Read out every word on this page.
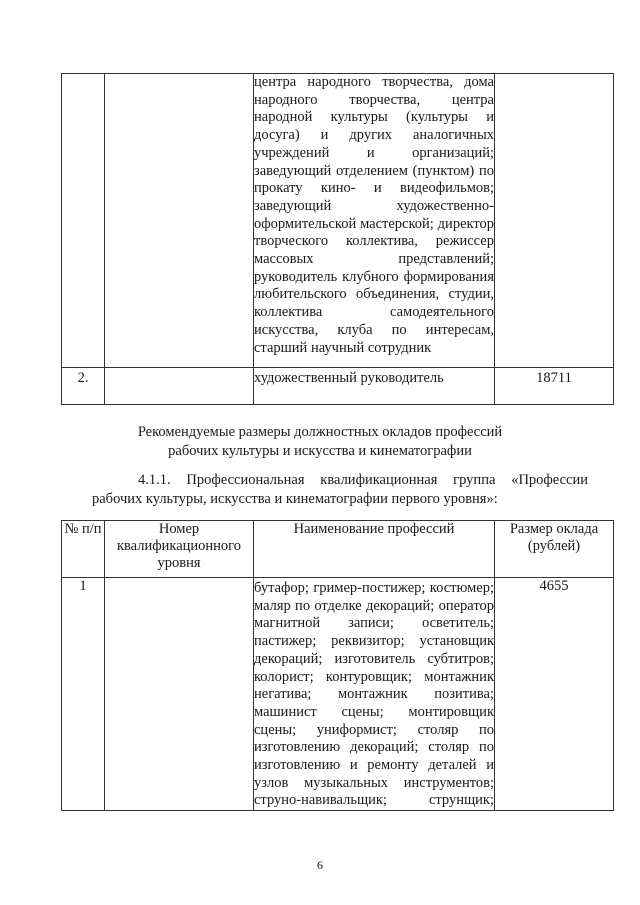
		центра народного творчества, дома народного творчества, центра народной культуры (культуры и досуга) и других аналогичных учреждений и организаций; заведующий отделением (пунктом) по прокату кино- и видеофильмов; заведующий художественно-оформительской мастерской; директор творческого коллектива, режиссер массовых представлений; руководитель клубного формирования любительского объединения, студии, коллектива самодеятельного искусства, клуба по интересам, старший научный сотрудник	
2.		художественный руководитель	18711
Рекомендуемые размеры должностных окладов профессий
рабочих культуры и искусства и кинематографии
4.1.1. Профессиональная квалификационная группа «Профессии
рабочих культуры, искусства и кинематографии первого уровня»:
№ п/п	Номер квалификационного уровня	Наименование профессий	Размер оклада (рублей)
1		бутафор; гример-постижер; костюмер; маляр по отделке декораций; оператор магнитной записи; осветитель; пастижер; реквизитор; установщик декораций; изготовитель субтитров; колорист; контуровщик; монтажник негатива; монтажник позитива; машинист сцены; монтировщик сцены; униформист; столяр по изготовлению декораций; столяр по изготовлению и ремонту деталей и узлов музыкальных инструментов; струно-навивальщик; струнщик;	4655
6
